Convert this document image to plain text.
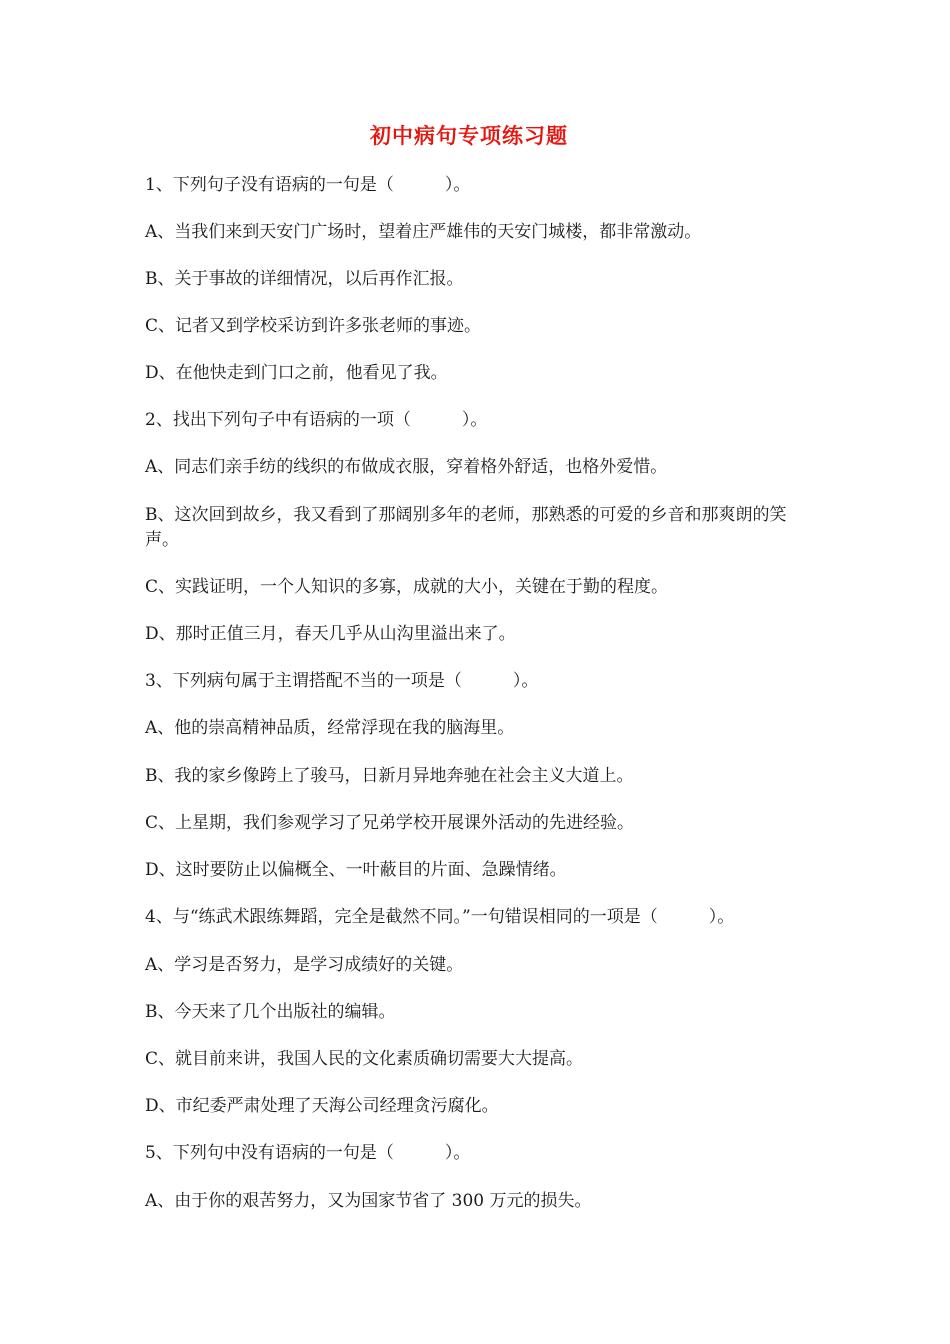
初中病句专项练习题

1、下列句子没有语病的一句是（　　　）。

A、当我们来到天安门广场时，望着庄严雄伟的天安门城楼，都非常激动。

B、关于事故的详细情况，以后再作汇报。

C、记者又到学校采访到许多张老师的事迹。

D、在他快走到门口之前，他看见了我。

2、找出下列句子中有语病的一项（　　　）。

A、同志们亲手纺的线织的布做成衣服，穿着格外舒适，也格外爱惜。

B、这次回到故乡，我又看到了那阔别多年的老师，那熟悉的可爱的乡音和那爽朗的笑声。

C、实践证明，一个人知识的多寡，成就的大小，关键在于勤的程度。

D、那时正值三月，春天几乎从山沟里溢出来了。

3、下列病句属于主谓搭配不当的一项是（　　　）。

A、他的崇高精神品质，经常浮现在我的脑海里。

B、我的家乡像跨上了骏马，日新月异地奔驰在社会主义大道上。

C、上星期，我们参观学习了兄弟学校开展课外活动的先进经验。

D、这时要防止以偏概全、一叶蔽目的片面、急躁情绪。

4、与“练武术跟练舞蹈，完全是截然不同。”一句错误相同的一项是（　　　）。

A、学习是否努力，是学习成绩好的关键。

B、今天来了几个出版社的编辑。

C、就目前来讲，我国人民的文化素质确切需要大大提高。

D、市纪委严肃处理了天海公司经理贪污腐化。

5、下列句中没有语病的一句是（　　　）。

A、由于你的艰苦努力，又为国家节省了 300 万元的损失。
